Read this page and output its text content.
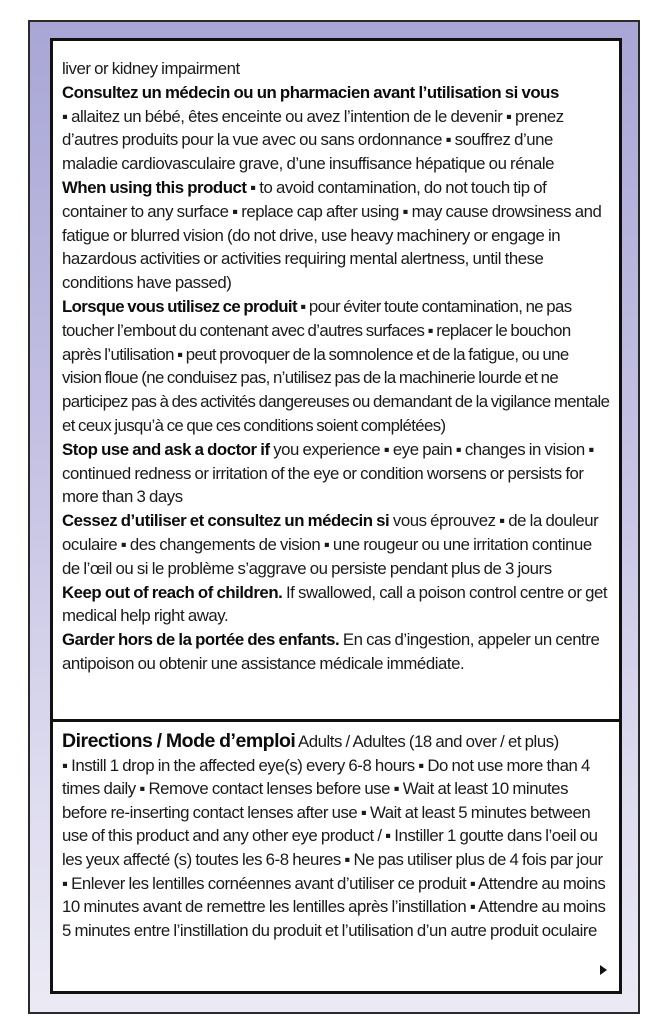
liver or kidney impairment

Consultez un médecin ou un pharmacien avant l’utilisation si vous
▪ allaitez un bébé, êtes enceinte ou avez l’intention de le devenir ▪ prenez d’autres produits pour la vue avec ou sans ordonnance ▪ souffrez d’une maladie cardiovasculaire grave, d’une insuffisance hépatique ou rénale

When using this product ▪ to avoid contamination, do not touch tip of container to any surface ▪ replace cap after using ▪ may cause drowsiness and fatigue or blurred vision (do not drive, use heavy machinery or engage in hazardous activities or activities requiring mental alertness, until these conditions have passed)

Lorsque vous utilisez ce produit ▪ pour éviter toute contamination, ne pas toucher l’embout du contenant avec d’autres surfaces ▪ replacer le bouchon après l’utilisation ▪ peut provoquer de la somnolence et de la fatigue, ou une vision floue (ne conduisez pas, n’utilisez pas de la machinerie lourde et ne participez pas à des activités dangereuses ou demandant de la vigilance mentale et ceux jusqu’à ce que ces conditions soient complétées)

Stop use and ask a doctor if you experience ▪ eye pain ▪ changes in vision ▪ continued redness or irritation of the eye or condition worsens or persists for more than 3 days

Cessez d’utiliser et consultez un médecin si vous éprouvez ▪ de la douleur oculaire ▪ des changements de vision ▪ une rougeur ou une irritation continue de l’œil ou si le problème s’aggrave ou persiste pendant plus de 3 jours

Keep out of reach of children. If swallowed, call a poison control centre or get medical help right away.

Garder hors de la portée des enfants. En cas d’ingestion, appeler un centre antipoison ou obtenir une assistance médicale immédiate.

Directions / Mode d’emploi Adults / Adultes (18 and over / et plus)
▪ Instill 1 drop in the affected eye(s) every 6-8 hours ▪ Do not use more than 4 times daily ▪ Remove contact lenses before use ▪ Wait at least 10 minutes before re-inserting contact lenses after use ▪ Wait at least 5 minutes between use of this product and any other eye product / ▪ Instiller 1 goutte dans l’oeil ou les yeux affecté (s) toutes les 6-8 heures ▪ Ne pas utiliser plus de 4 fois par jour ▪ Enlever les lentilles cornéennes avant d’utiliser ce produit ▪ Attendre au moins 10 minutes avant de remettre les lentilles après l’instillation ▪ Attendre au moins 5 minutes entre l’instillation du produit et l’utilisation d’un autre produit oculaire
